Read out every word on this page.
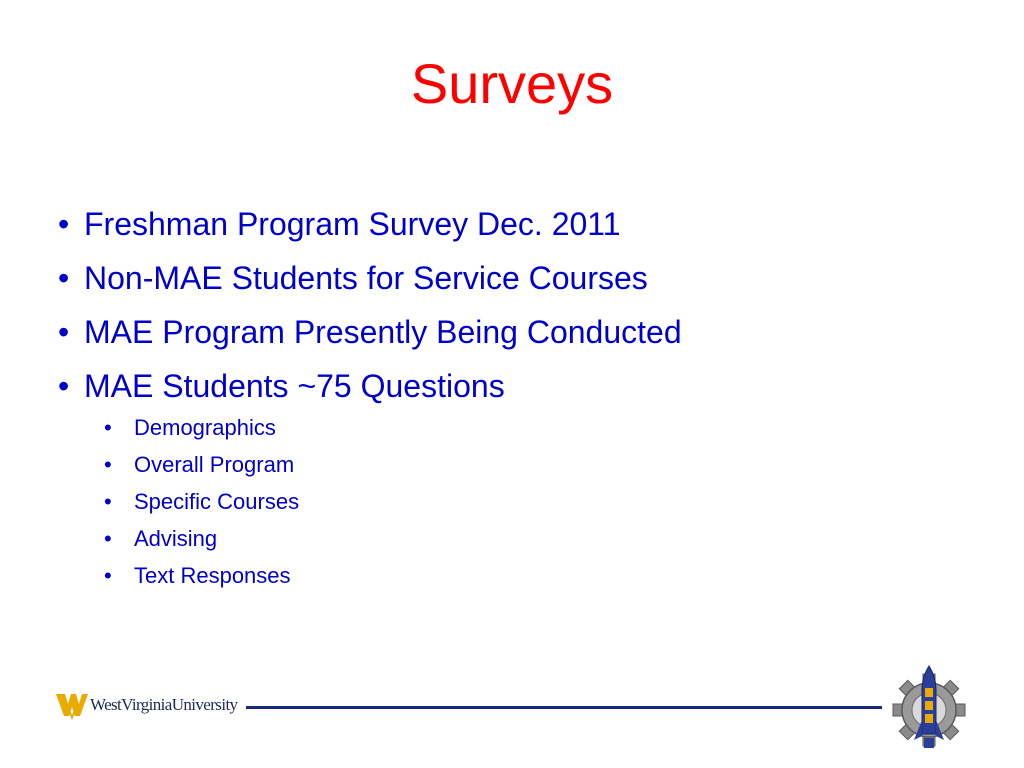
Surveys
• Freshman Program Survey Dec. 2011
• Non-MAE Students for Service Courses
• MAE Program Presently Being Conducted
• MAE Students ~75 Questions
• Demographics
• Overall Program
• Specific Courses
• Advising
• Text Responses
WestVirginiaUniversity
